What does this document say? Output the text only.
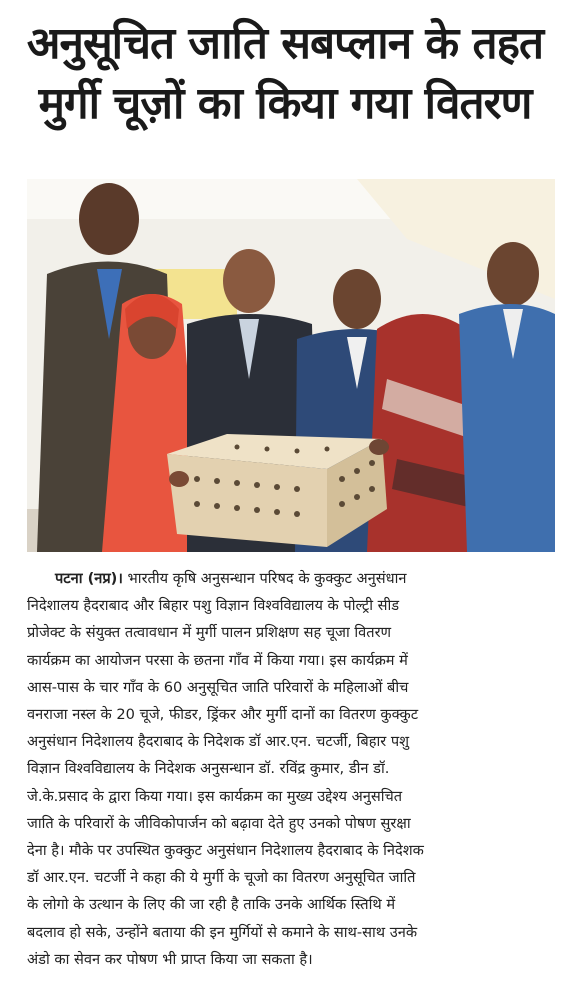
अनुसूचित जाति सबप्लान के तहत
मुर्गी चूज़ों का किया गया वितरण
पटना (नप्र)। भारतीय कृषि अनुसन्धान परिषद के कुक्कुट अनुसंधान
निदेशालय हैदराबाद और बिहार पशु विज्ञान विश्वविद्यालय के पोल्ट्री सीड
प्रोजेक्ट के संयुक्त तत्वावधान में मुर्गी पालन प्रशिक्षण सह चूजा वितरण
कार्यक्रम का आयोजन परसा के छतना गाँव में किया गया। इस कार्यक्रम में
आस-पास के चार गाँव के 60 अनुसूचित जाति परिवारों के महिलाओं बीच
वनराजा नस्ल के 20 चूजे, फीडर, ड्रिंकर और मुर्गी दानों का वितरण कुक्कुट
अनुसंधान निदेशालय हैदराबाद के निदेशक डॉ आर.एन. चटर्जी, बिहार पशु
विज्ञान विश्वविद्यालय के निदेशक अनुसन्धान डॉ. रविंद्र कुमार, डीन डॉ.
जे.के.प्रसाद के द्वारा किया गया। इस कार्यक्रम का मुख्य उद्देश्य अनुसचित
जाति के परिवारों के जीविकोपार्जन को बढ़ावा देते हुए उनको पोषण सुरक्षा
देना है। मौके पर उपस्थित कुक्कुट अनुसंधान निदेशालय हैदराबाद के निदेशक
डॉ आर.एन. चटर्जी ने कहा की ये मुर्गी के चूजो का वितरण अनुसूचित जाति
के लोगो के उत्थान के लिए की जा रही है ताकि उनके आर्थिक स्तिथि में
बदलाव हो सके, उन्होंने बताया की इन मुर्गियों से कमाने के साथ-साथ उनके
अंडो का सेवन कर पोषण भी प्राप्त किया जा सकता है।
